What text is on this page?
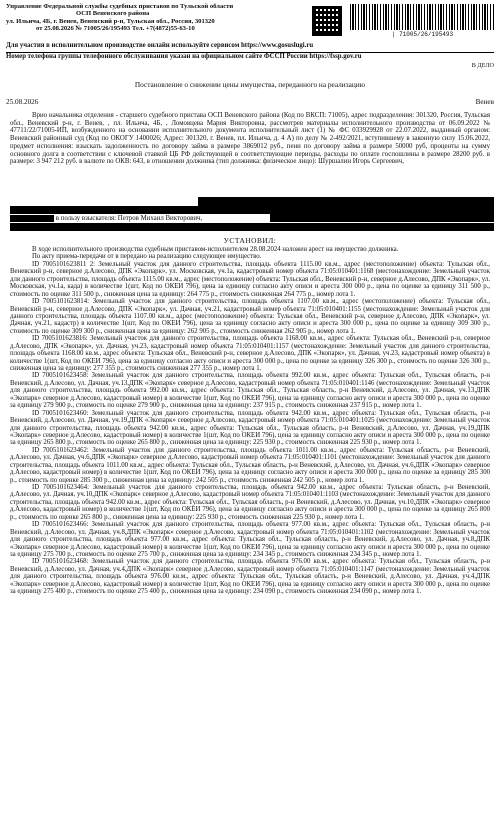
Управление Федеральной службы судебных приставов по Тульской области
ОСП Веневского района
ул. Ильича, 4Б, г. Венев, Веневский р-н, Тульская обл., Россия, 301320
от 25.08.2026 № 71005/26/195493 Тел. +7(4872)55-63-10
| 71005/26/195493
Для участия в исполнительном производстве онлайн используйте сервисом https://www.gosuslugi.ru
Номер телефона группы телефонного обслуживания указан на официальном сайте ФССП России https://fssp.gov.ru
В ДЕЛО
Постановление о снижении цены имущества, переданного на реализацию
25.08.2026	Венев

Врио начальника отделения - старшего судебного пристава ОСП Веневского района (Код по ВКСП: 71005), адрес подразделения: 301320, Россия, Тульская обл., Веневский р-н, г. Венев, , пл. Ильича, 4Б, , Ломовцева Мария Викторовна, рассмотрев материалы исполнительного производства от 06.09.2022 № 47711/22/71005-ИП, возбужденного на основании исполнительного документа исполнительный лист (1) № ФС 033929928 от 22.07.2022, выданный органом: Веневский районный суд (Код по ОКОГУ 1400026; Адрес: 301320, г. Венев, пл. Ильича, д. 4 А) по делу № 2-492/2021, вступившему в законную силу 15.06.2022, предмет исполнения: взыскать задолженность по договору займа в размере 3869012 руб., пени по договору займа в размере 50000 руб, проценты на сумму основного долга в соответствии с ключевой ставкой ЦБ РФ действующей в соответствующие периоды, расходы по оплате госпошлины в размере 28200 руб. в размере: 3 947 212 руб. в валюте по ОКВ: 643, в отношении должника (тип должника: физическое лицо): Шуршалин Игорь Сергеевич,

в пользу взыскателя: Петров Михаил Викторович,
УСТАНОВИЛ:

В ходе исполнительного производства судебным приставом-исполнителем 28.08.2024 наложен арест на имущество должника.

По акту приема-передачи от в передано на реализацию следующее имущество.

ID 7005101623811 2: Земельный участок для данного строительства, площадь объекта 1115.00 кв.м., адрес (местоположение) объекта: Тульская обл., Веневский р-н, северное д.Алесово, ДПК «Экопарк», ул. Московская, уч.1а, кадастровый номер объекта 71:05:010401:1168 (местонахождение: Земельный участок для данного строительства, площадь объекта 1115.00 кв.м., адрес (местоположение) объекта: Тульская обл., Веневский р-н, северное д.Алесово, ДПК «Экопарк», ул. Московская, уч.1а, када) в количестве 1(шт, Код по ОКЕИ 796), цена за единицу согласно акту описи и ареста 300 000 р., цена по оценке за единицу 311 500 р., стоимость по оценке 311 500 р., сниженная цена за единицу: 264 775 р., стоимость сниженная 264 775 р., номер лота 1.

ID 7005101623814: Земельный участок для данного строительства, площадь объекта 1107.00 кв.м., адрес (местоположение) объекта: Тульская обл., Веневский р-н, северное д.Алесово, ДПК «Экопарк», ул. Дачная, уч.21, кадастровый номер объекта 71:05:010401:1155 (местонахождение: Земельный участок для данного строительства, площадь объекта 1107.00 кв.м., адрес (местоположение) объекта: Тульская обл., Веневский р-н, северное д.Алесово, ДПК «Экопарк», ул. Дачная, уч.21, кадастр) в количестве 1(шт, Код по ОКЕИ 796), цена за единицу согласно акту описи и ареста 300 000 р., цена по оценке за единицу 309 300 р., стоимость по оценке 309 300 р., сниженная цена за единицу: 262 905 р., стоимость сниженная 262 905 р., номер лота 1.

ID 7005101623816: Земельный участок для данного строительства, площадь объекта 1168.00 кв.м., адрес объекта: Тульская обл., Веневский р-н, северное д.Алесово, ДПК «Экопарк», ул. Дачная, уч.23, кадастровый номер объекта 71:05:010401:1157 (местонахождение: Земельный участок для данного строительства, площадь объекта 1168.00 кв.м., адрес объекта: Тульская обл., Веневский р-н, северное д.Алесово, ДПК «Экопарк», ул. Дачная, уч.23, кадастровый номер объекта) в количестве 1(шт, Код по ОКЕИ 796), цена за единицу согласно акту описи и ареста 300 000 р., цена по оценке за единицу 326 300 р., стоимость по оценке 326 300 р., сниженная цена за единицу: 277 355 р., стоимость сниженная 277 355 р., номер лота 1.

ID 7005101623458: Земельный участок для данного строительства, площадь объекта 992.00 кв.м., адрес объекта: Тульская обл., Тульская область, р-н Веневский, д.Алесово, ул. Дачная, уч.13,ДПК «Экопарк» северное д.Алесово, кадастровый номер объекта 71:05:010401:1146 (местонахождение: Земельный участок для данного строительства, площадь объекта 992.00 кв.м., адрес объекта: Тульская обл., Тульская область, р-н Веневский, д.Алесово, ул. Дачная, уч.13,ДПК «Экопарк» северное д.Алесово, кадастровый номер) в количестве 1(шт, Код по ОКЕИ 796), цена за единицу согласно акту описи и ареста 300 000 р., цена по оценке за единицу 279 900 р., стоимость по оценке 279 900 р., сниженная цена за единицу: 237 915 р., стоимость сниженная 237 915 р., номер лота 1.

ID 7005101623460: Земельный участок для данного строительства, площадь объекта 942.00 кв.м., адрес объекта: Тульская обл., Тульская область, р-н Веневский, д.Алесово, ул. Дачная, уч.19,ДПК «Экопарк» северное д.Алесово, кадастровый номер объекта 71:05:010401:1025 (местонахождение: Земельный участок для данного строительства, площадь объекта 942.00 кв.м., адрес объекта: Тульская обл., Тульская область, р-н Веневский, д.Алесово, ул. Дачная, уч.19,ДПК «Экопарк» северное д.Алесово, кадастровый номер) в количестве 1(шт, Код по ОКЕИ 796), цена за единицу согласно акту описи и ареста 300 000 р., цена по оценке за единицу 265 800 р., стоимость по оценке 265 800 р., сниженная цена за единицу: 225 930 р., стоимость сниженная 225 930 р., номер лота 1.

ID 7005101623462: Земельный участок для данного строительства, площадь объекта 1011.00 кв.м., адрес объекта: Тульская область, р-н Веневский, д.Алесово, ул. Дачная, уч.6,ДПК «Экопарк» северное д.Алесово, кадастровый номер объекта 71:05:010401:1101 (местонахождение: Земельный участок для данного строительства, площадь объекта 1011.00 кв.м., адрес объекта: Тульская обл., Тульская область, р-н Веневский, д.Алесово, ул. Дачная, уч.6,ДПК «Экопарк» северное д.Алесово, кадастровый номер) в количестве 1(шт, Код по ОКЕИ 796), цена за единицу согласно акту описи и ареста 300 000 р., цена по оценке за единицу 285 300 р., стоимость по оценке 285 300 р., сниженная цена за единицу: 242 505 р., стоимость сниженная 242 505 р., номер лота 1.

ID 7005101623464: Земельный участок для данного строительства, площадь объекта 942.00 кв.м., адрес объекта: Тульская область, р-н Веневский, д.Алесово, ул. Дачная, уч.10,ДПК «Экопарк» северное д.Алесово, кадастровый номер объекта 71:05:010401:1103 (местонахождение: Земельный участок для данного строительства, площадь объекта 942.00 кв.м., адрес объекта: Тульская обл., Тульская область, р-н Веневский, д.Алесово, ул. Дачная, уч.10,ДПК «Экопарк» северное д.Алесово, кадастровый номер) в количестве 1(шт, Код по ОКЕИ 796), цена за единицу согласно акту описи и ареста 300 000 р., цена по оценке за единицу 265 800 р., стоимость по оценке 265 800 р., сниженная цена за единицу: 225 930 р., стоимость сниженная 225 930 р., номер лота 1.

ID 7005101623466: Земельный участок для данного строительства, площадь объекта 977.00 кв.м., адрес объекта: Тульская обл., Тульская область, р-н Веневский, д.Алесово, ул. Дачная, уч.8,ДПК «Экопарк» северное д.Алесово, кадастровый номер объекта 71:05:010401:1102 (местонахождение: Земельный участок для данного строительства, площадь объекта 977.00 кв.м., адрес объекта: Тульская обл., Тульская область, р-н Веневский, д.Алесово, ул. Дачная, уч.8,ДПК «Экопарк» северное д.Алесово, кадастровый номер) в количестве 1(шт, Код по ОКЕИ 796), цена за единицу согласно акту описи и ареста 300 000 р., цена по оценке за единицу 275 700 р., стоимость по оценке 275 700 р., сниженная цена за единицу: 234 345 р., стоимость сниженная 234 345 р., номер лота 1.

ID 7005101623468: Земельный участок для данного строительства, площадь объекта 976.00 кв.м., адрес объекта: Тульская обл., Тульская область, р-н Веневский, д.Алесово, ул. Дачная, уч.4,ДПК «Экопарк» северное д.Алесово, кадастровый номер объекта 71:05:010401:1147 (местонахождение: Земельный участок для данного строительства, площадь объекта 976.00 кв.м., адрес объекта: Тульская обл., Тульская область, р-н Веневский, д.Алесово, ул. Дачная, уч.4,ДПК «Экопарк» северное д.Алесово, кадастровый номер) в количестве 1(шт, Код по ОКЕИ 796), цена за единицу согласно акту описи и ареста 300 000 р., цена по оценке за единицу 275 400 р., стоимость по оценке 275 400 р., сниженная цена за единицу: 234 090 р., стоимость сниженная 234 090 р., номер лота 1.
